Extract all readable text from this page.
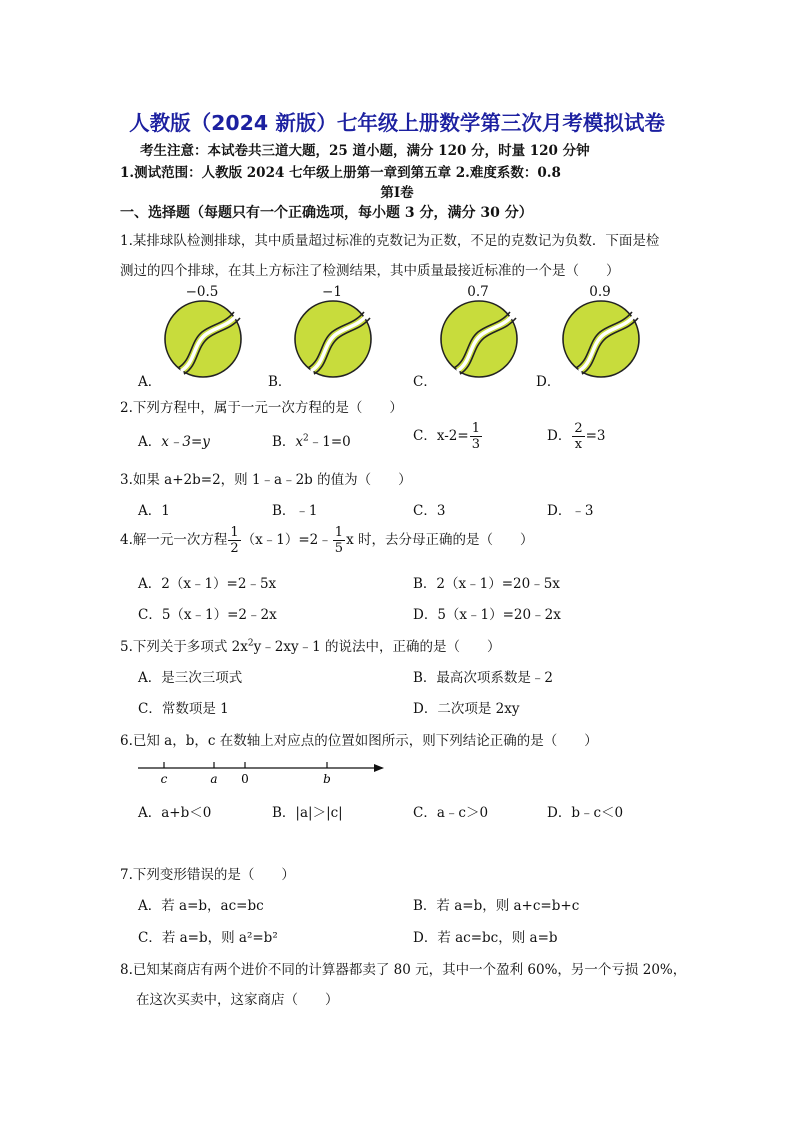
人教版（2024 新版）七年级上册数学第三次月考模拟试卷
考生注意：本试卷共三道大题，25 道小题，满分 120 分，时量 120 分钟
1.测试范围：人教版 2024 七年级上册第一章到第五章 2.难度系数：0.8
第Ⅰ卷
一、选择题（每题只有一个正确选项，每小题 3 分，满分 30 分）
1.某排球队检测排球，其中质量超过标准的克数记为正数，不足的克数记为负数．下面是检
测过的四个排球，在其上方标注了检测结果，其中质量最接近标准的一个是（　　）
−0.5	−1	0.7	0.9
A．	B．	C．	D．
2.下列方程中，属于一元一次方程的是（　　）
A．x﹣3=y	B．$x^2﹣1=0$	C．$x-2= \frac{1}{3}$	D． $\frac{2}{x} =3$
3.如果 a+2b=2，则 1﹣a﹣2b 的值为（　　）
A．1	B．﹣1	C．3	D．﹣3
4.解一元一次方程 $\frac{1}{2}$ （x﹣1）=2﹣ $\frac{1}{5}$ x 时，去分母正确的是（　　）
A．2（x﹣1）=2﹣5x	B．2（x﹣1）=20﹣5x
C．5（x﹣1）=2﹣2x	D．5（x﹣1）=20﹣2x
5.下列关于多项式 $2x^2y﹣2xy﹣1$ 的说法中，正确的是（　　）
A．是三次三项式	B．最高次项系数是﹣2
C．常数项是 1	D．二次项是 2xy
6.已知 a，b，c 在数轴上对应点的位置如图所示，则下列结论正确的是（　　）
c	a 0	b
A．a+b＜0	B．|a|＞|c|	C．a﹣c＞0	D．b﹣c＜0
7.下列变形错误的是（　　）
A．若 a=b，ac=bc	B．若 a=b，则 a+c=b+c
C．若 a=b，则 a²=b²	D．若 ac=bc，则 a=b
8.已知某商店有两个进价不同的计算器都卖了 80 元，其中一个盈利 60%，另一个亏损 20%，
在这次买卖中，这家商店（　　）
